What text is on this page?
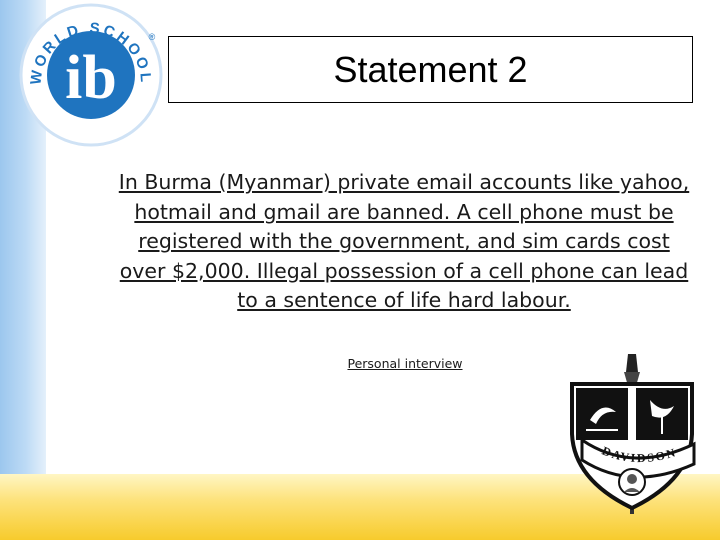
WORLD SCHOOL
ib
®
Statement 2

In Burma (Myanmar) private email accounts like yahoo, hotmail and gmail are banned. A cell phone must be registered with the government, and sim cards cost over $2,000. Illegal possession of a cell phone can lead to a sentence of life hard labour.

Personal interview
DAVIDSON
